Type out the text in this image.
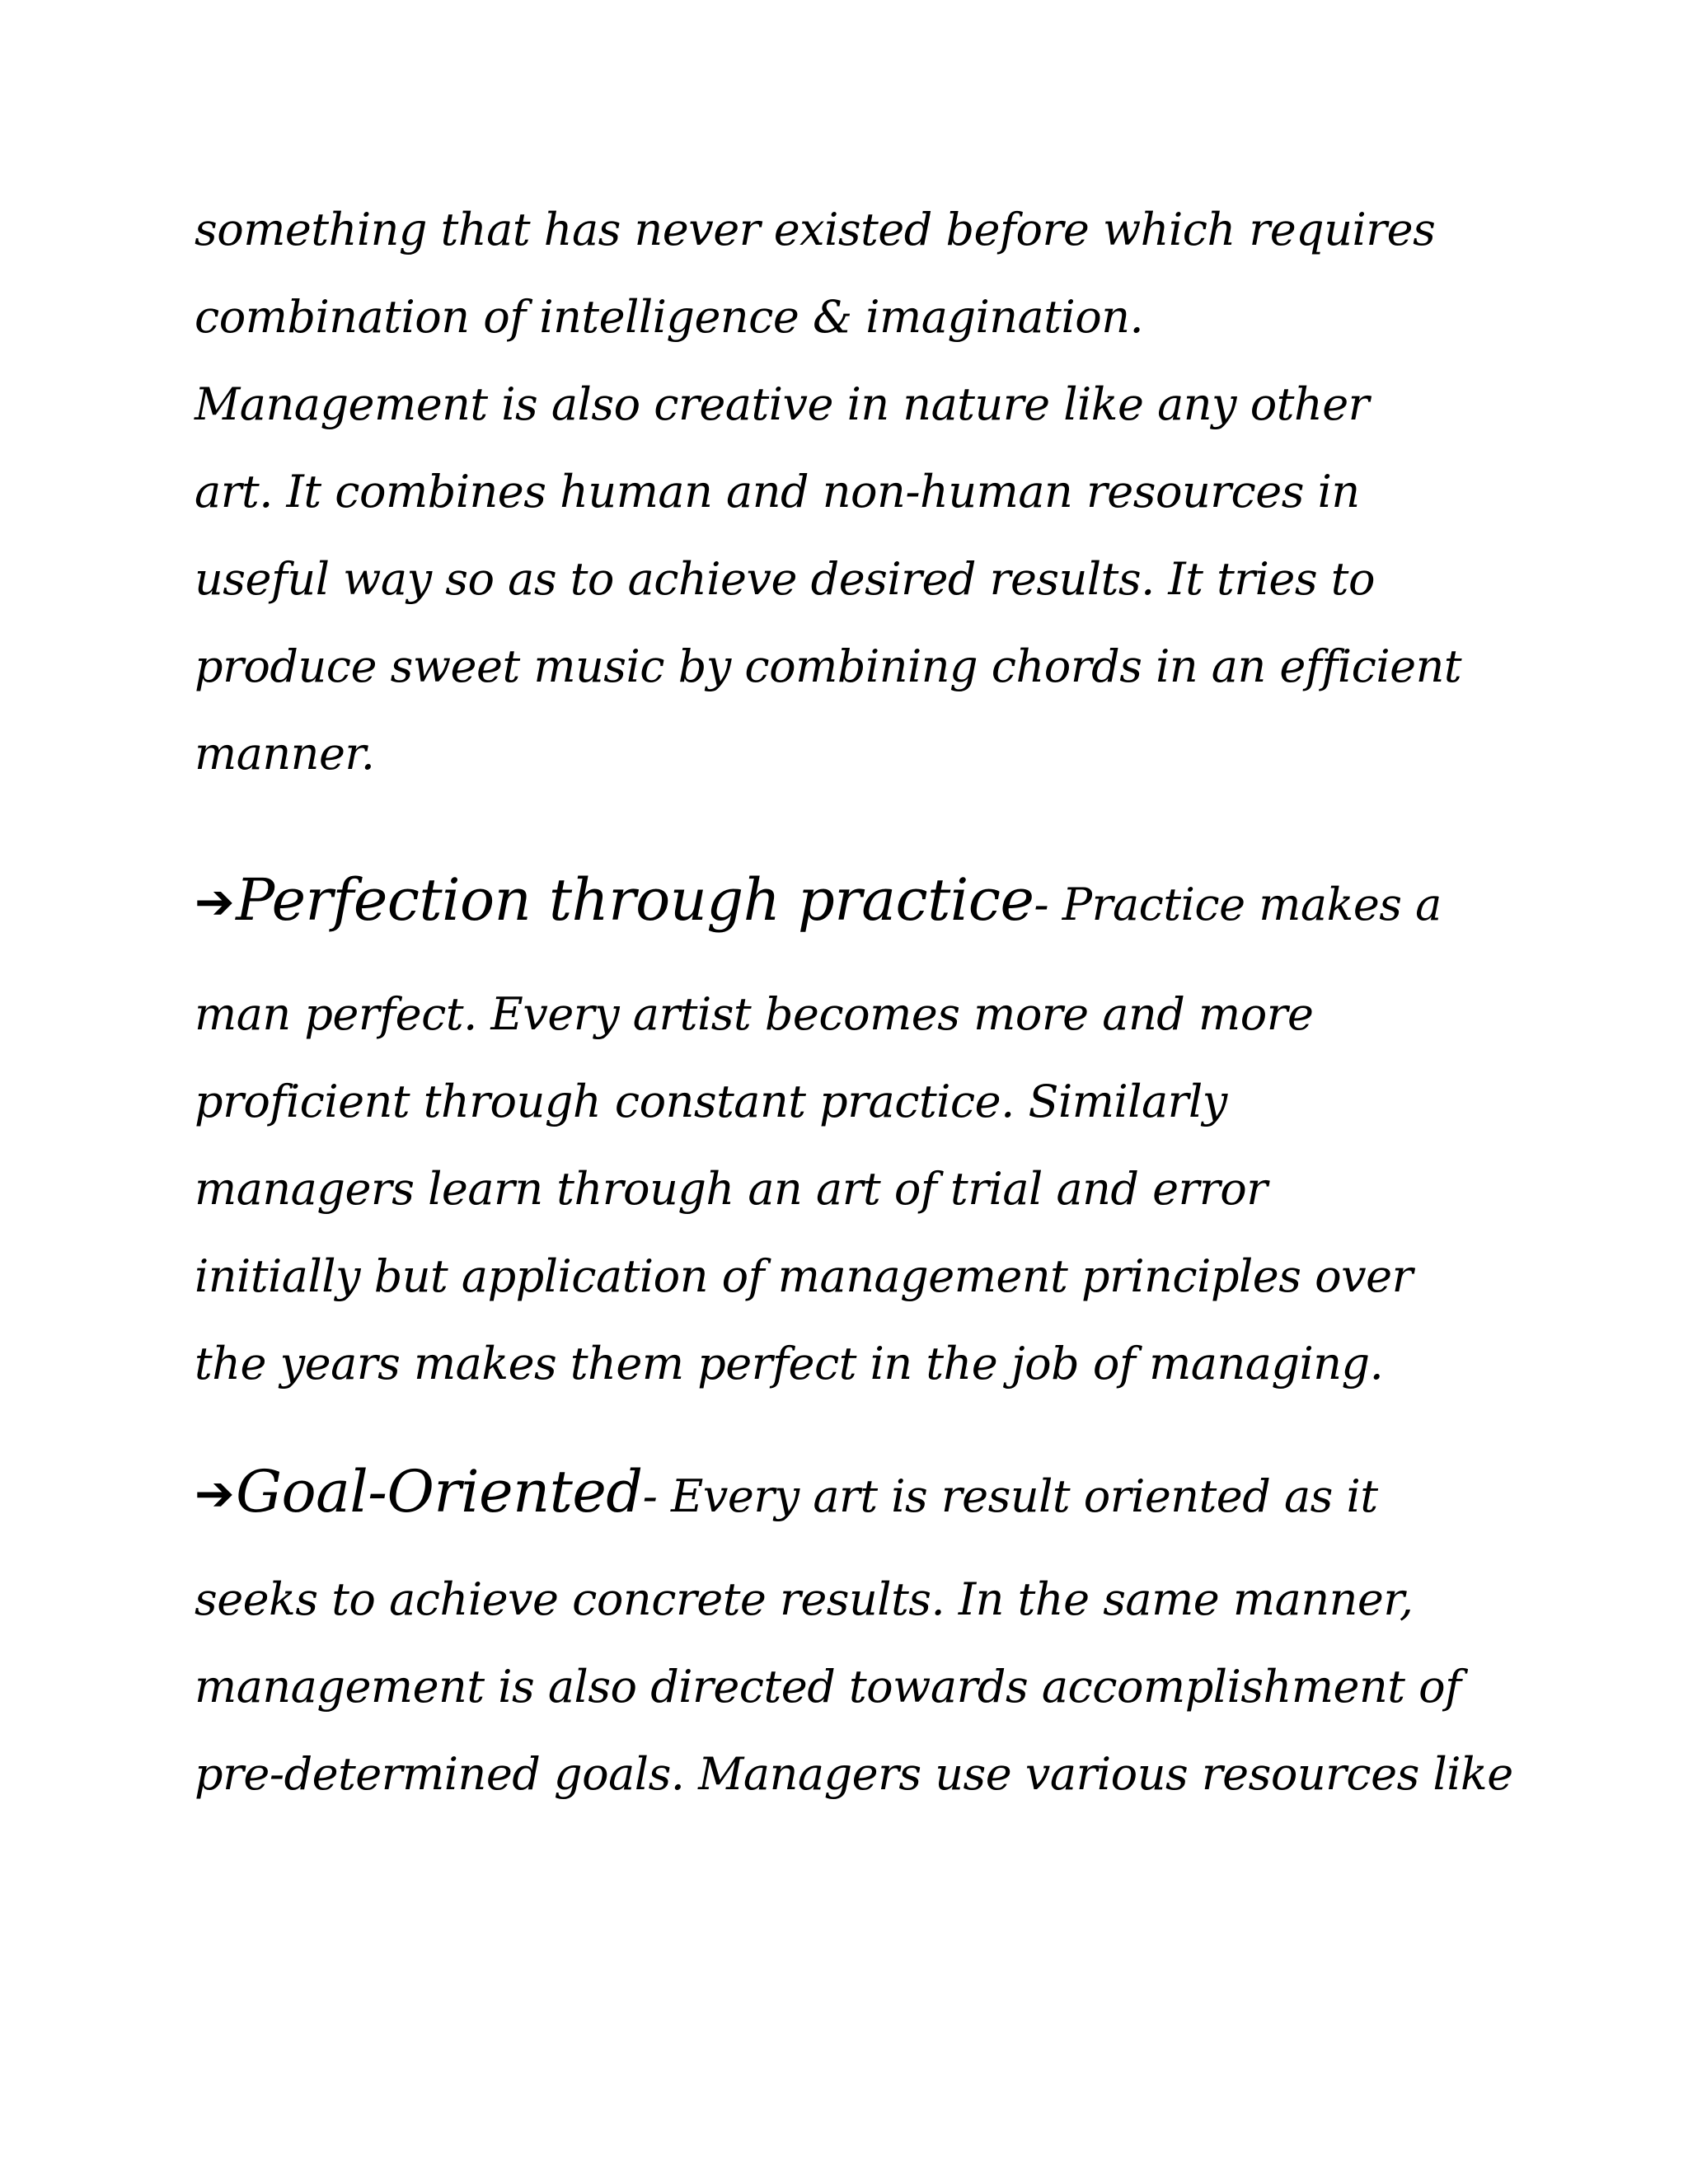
something that has never existed before which requires
combination of intelligence & imagination.
Management is also creative in nature like any other
art. It combines human and non-human resources in
useful way so as to achieve desired results. It tries to
produce sweet music by combining chords in an efficient
manner.
➔Perfection through practice- Practice makes a
man perfect. Every artist becomes more and more
proficient through constant practice. Similarly
managers learn through an art of trial and error
initially but application of management principles over
the years makes them perfect in the job of managing.
➔Goal-Oriented- Every art is result oriented as it
seeks to achieve concrete results. In the same manner,
management is also directed towards accomplishment of
pre-determined goals. Managers use various resources like
